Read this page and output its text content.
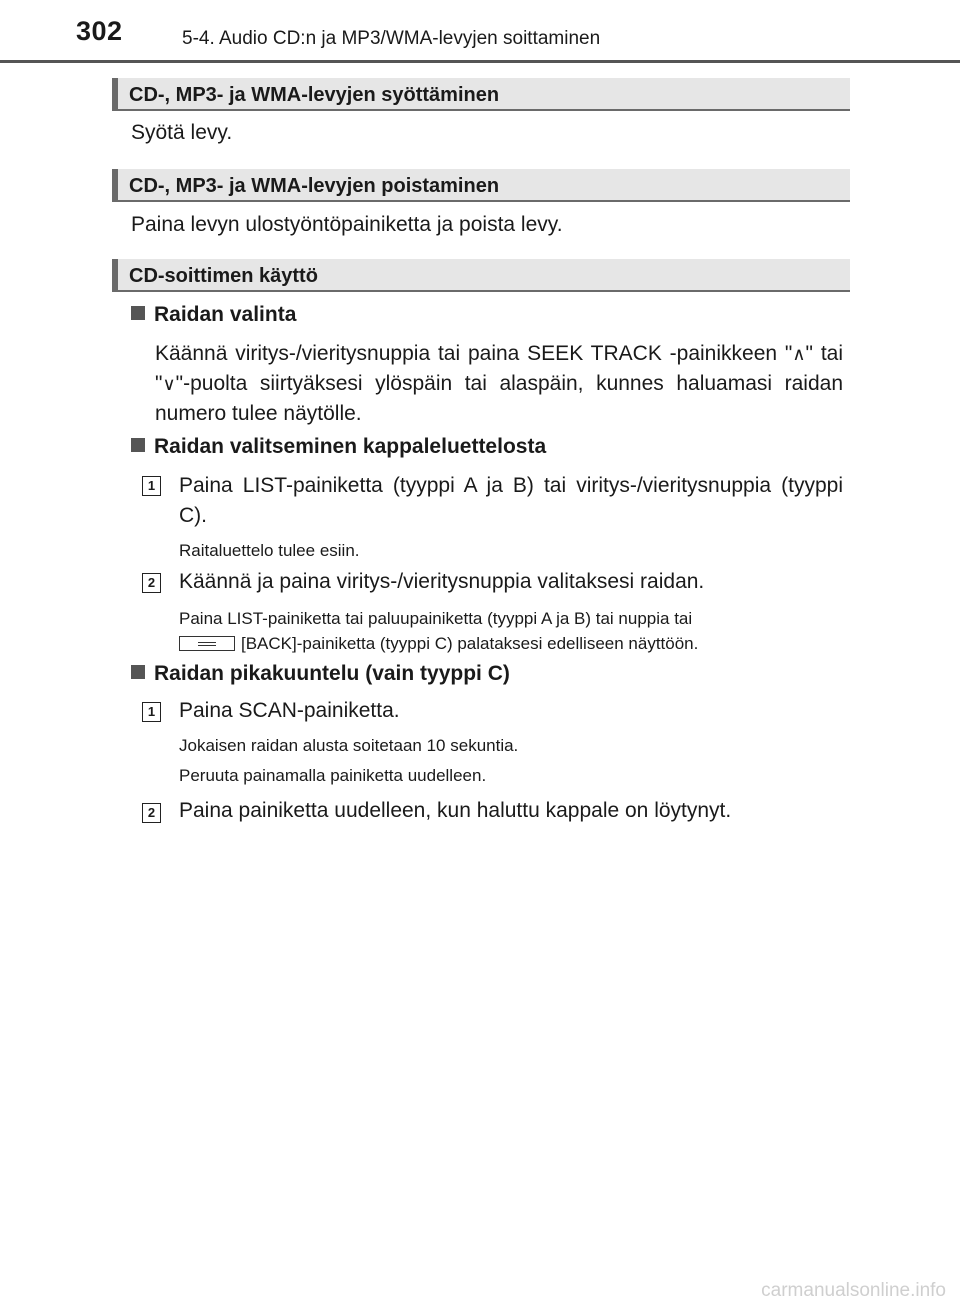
302	5-4. Audio CD:n ja MP3/WMA-levyjen soittaminen
CD-, MP3- ja WMA-levyjen syöttäminen
Syötä levy.
CD-, MP3- ja WMA-levyjen poistaminen
Paina levyn ulostyöntöpainiketta ja poista levy.
CD-soittimen käyttö
Raidan valinta
Käännä viritys-/vieritysnuppia tai paina SEEK TRACK -painikkeen "∧" tai "∨"-puolta siirtyäksesi ylöspäin tai alaspäin, kunnes haluamasi raidan numero tulee näytölle.
Raidan valitseminen kappaleluettelosta
1 Paina LIST-painiketta (tyyppi A ja B) tai viritys-/vieritysnuppia (tyyppi C).
Raitaluettelo tulee esiin.
2 Käännä ja paina viritys-/vieritysnuppia valitaksesi raidan.
Paina LIST-painiketta tai paluupainiketta (tyyppi A ja B) tai nuppia tai
[BACK]-painiketta (tyyppi C) palataksesi edelliseen näyttöön.
Raidan pikakuuntelu (vain tyyppi C)
1 Paina SCAN-painiketta.
Jokaisen raidan alusta soitetaan 10 sekuntia.
Peruuta painamalla painiketta uudelleen.
2 Paina painiketta uudelleen, kun haluttu kappale on löytynyt.
carmanualsonline.info
